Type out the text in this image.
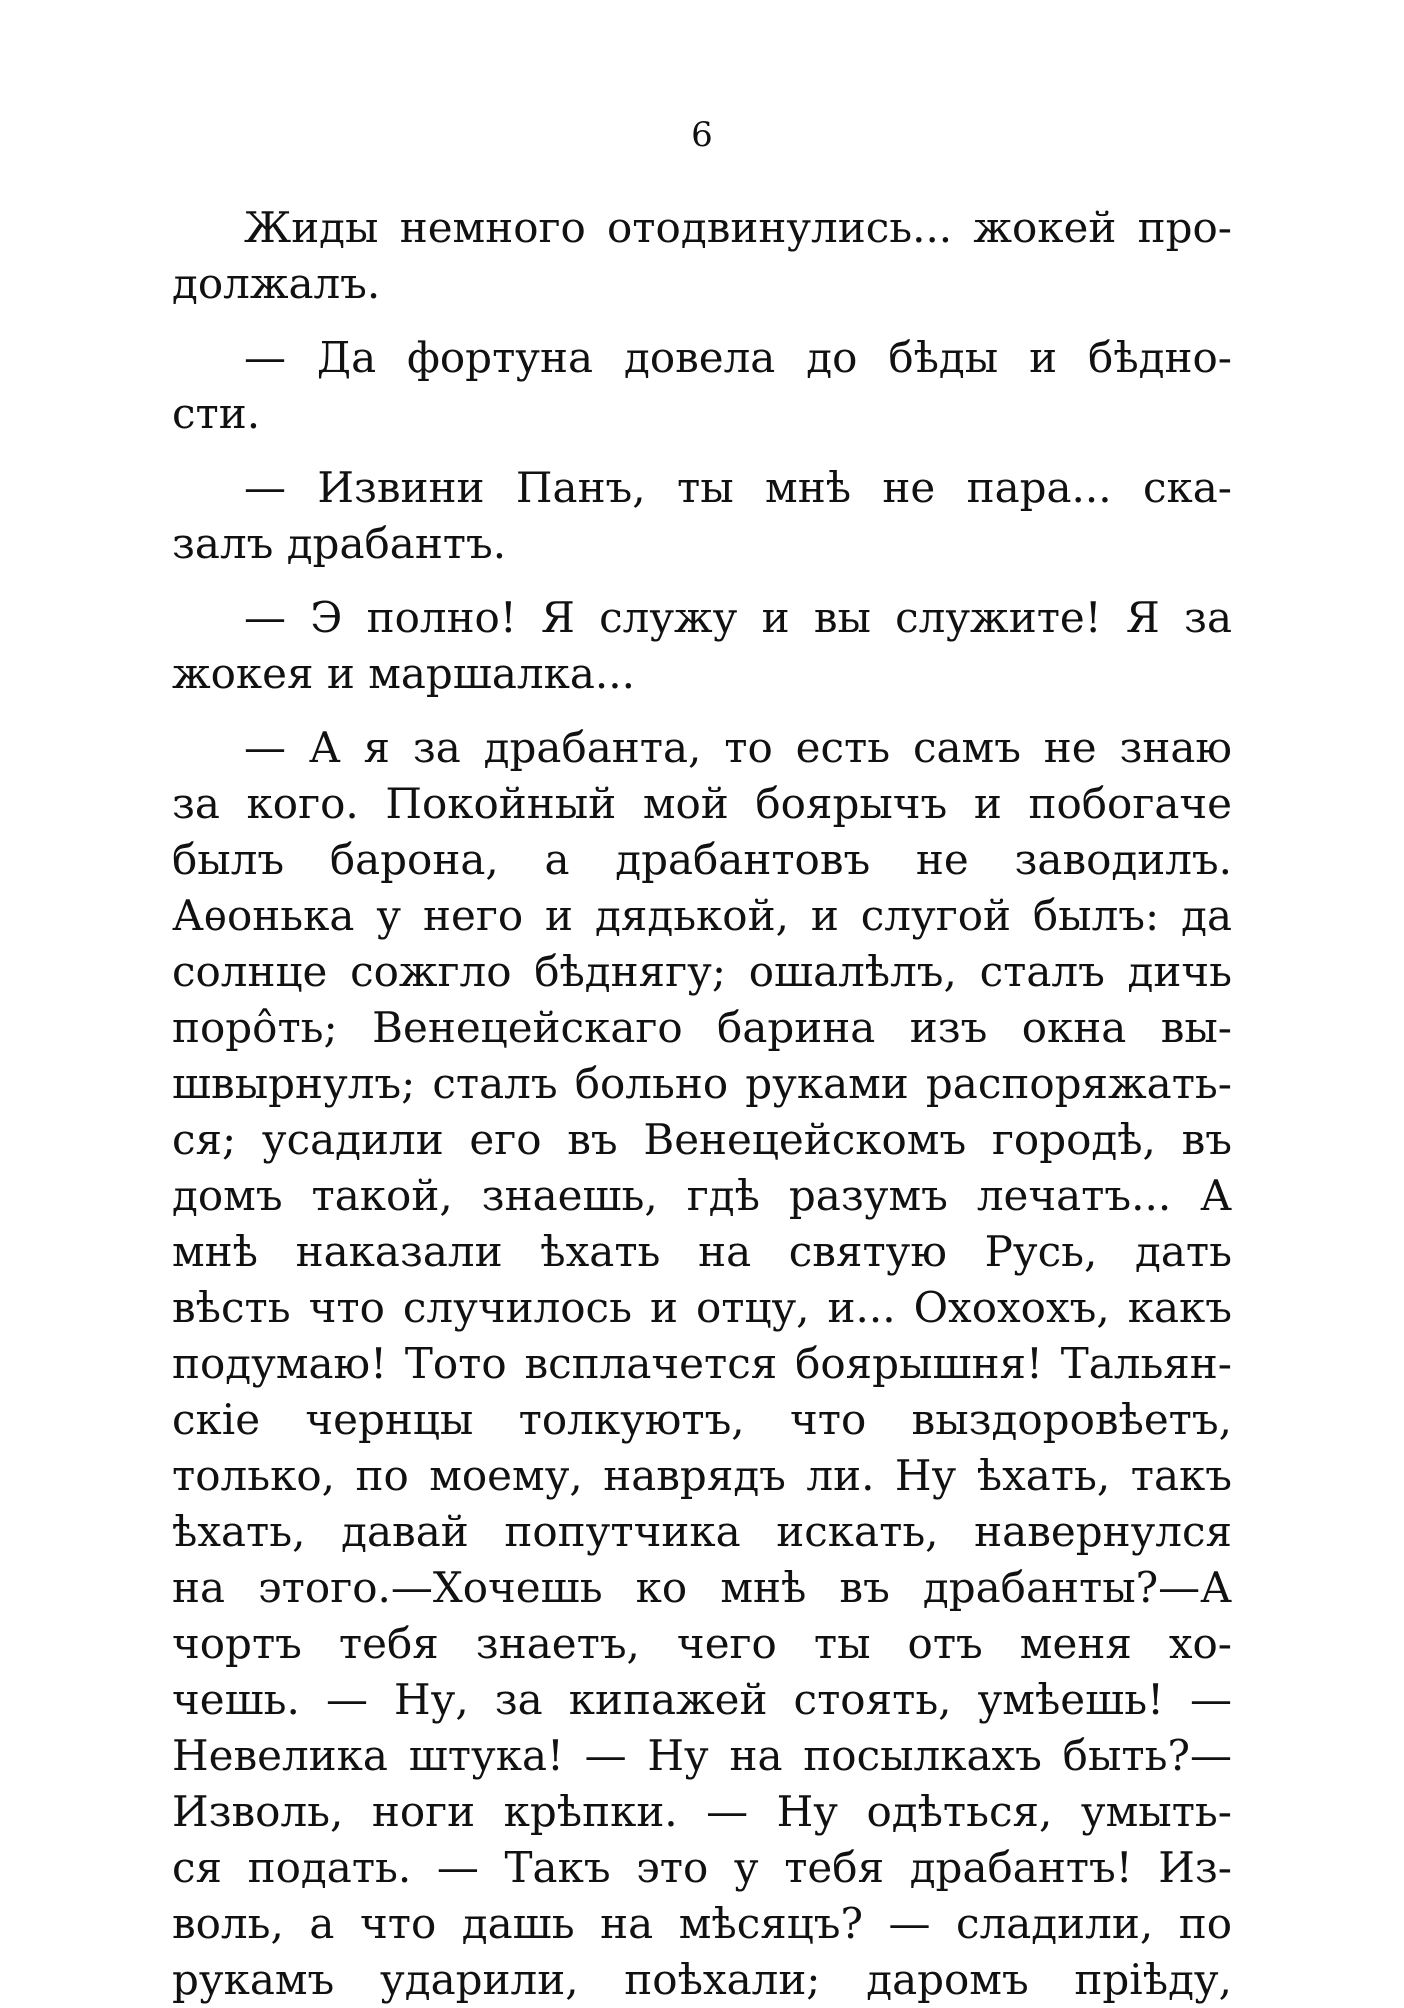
6
Жиды немного отодвинулись... жокей про-
должалъ.
— Да фортуна довела до бѣды и бѣдно-
сти.
— Извини Панъ, ты мнѣ не пара... ска-
залъ драбантъ.
— Э полно! Я служу и вы служите! Я за
жокея и маршалка...
— А я за драбанта, то есть самъ не знаю
за кого. Покойный мой боярычъ и побогаче
былъ барона, а драбантовъ не заводилъ.
Аѳонька у него и дядькой, и слугой былъ: да
солнце сожгло бѣднягу; ошалѣлъ, сталъ дичь
порôть; Венецейскаго барина изъ окна вы-
швырнулъ; сталъ больно руками распоряжать-
ся; усадили его въ Венецейскомъ городѣ, въ
домъ такой, знаешь, гдѣ разумъ лечатъ... А
мнѣ наказали ѣхать на святую Русь, дать
вѣсть что случилось и отцу, и... Охохохъ, какъ
подумаю! Тото всплачется боярышня! Тальян-
скіе чернцы толкуютъ, что выздоровѣетъ,
только, по моему, наврядъ ли. Ну ѣхать, такъ
ѣхать, давай попутчика искать, навернулся
на этого.—Хочешь ко мнѣ въ драбанты?—А
чортъ тебя знаетъ, чего ты отъ меня хо-
чешь. — Ну, за кипажей стоять, умѣешь! —
Невелика штука! — Ну на посылкахъ быть?—
Изволь, ноги крѣпки. — Ну одѣться, умыть-
ся подать. — Такъ это у тебя драбантъ! Из-
воль, а что дашь на мѣсяцъ? — сладили, по
рукамъ ударили, поѣхали; даромъ пріѣду,
